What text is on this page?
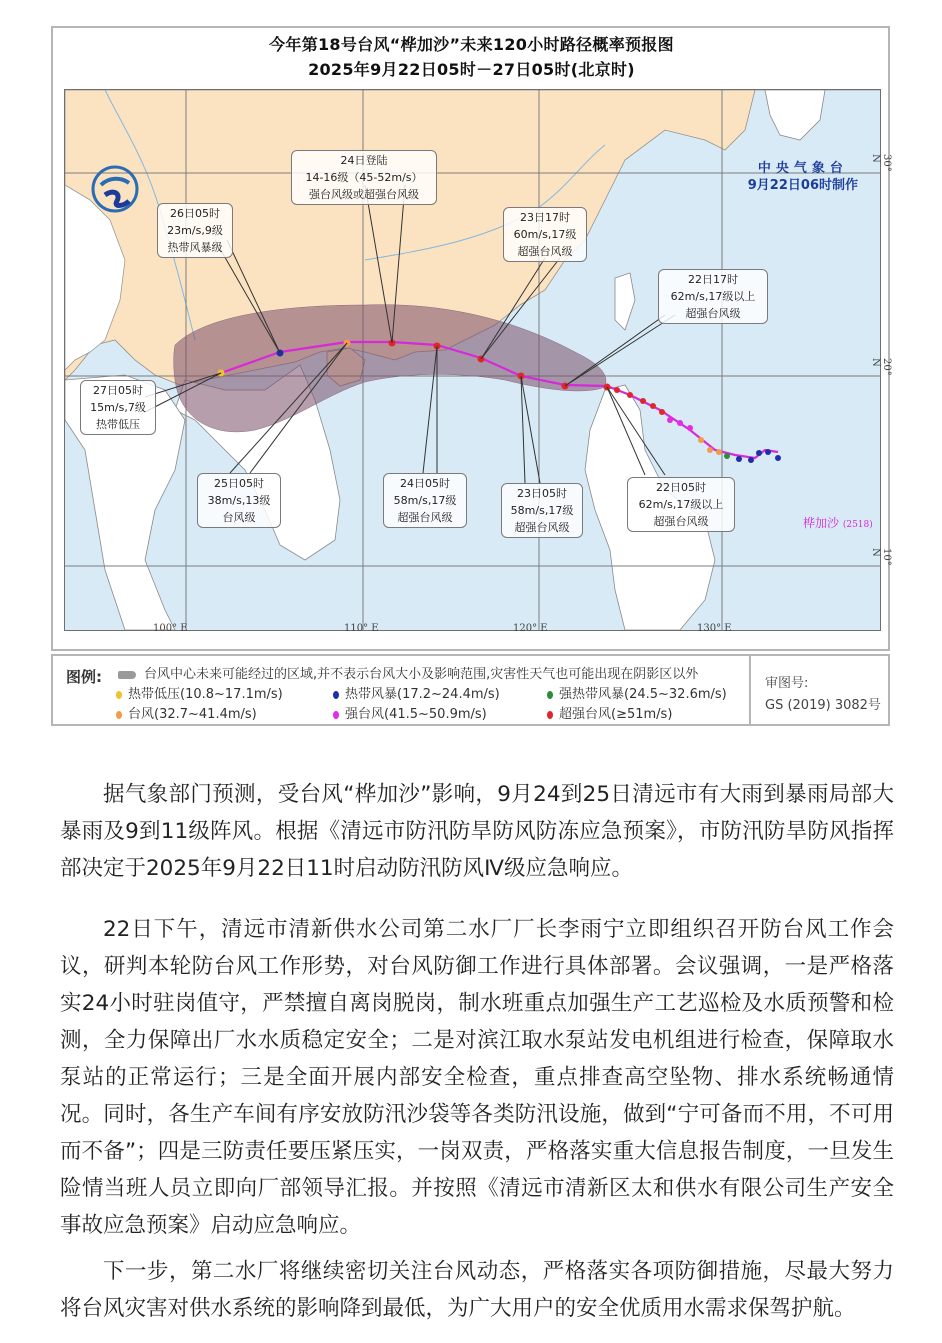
今年第18号台风“桦加沙”未来120小时路径概率预报图
2025年9月22日05时－27日05时(北京时)
中央气象台
9月22日06时制作
桦加沙 (2518)
24日登陆
14-16级（45-52m/s）
强台风级或超强台风级
26日05时
23m/s,9级
热带风暴级
23日17时
60m/s,17级
超强台风级
22日17时
62m/s,17级以上
超强台风级
27日05时
15m/s,7级
热带低压
25日05时
38m/s,13级
台风级
24日05时
58m/s,17级
超强台风级
23日05时
58m/s,17级
超强台风级
22日05时
62m/s,17级以上
超强台风级
100° E	110° E	120° E	130° E
30° N
20° N
10° N
图例:	台风中心未来可能经过的区域,并不表示台风大小及影响范围,灾害性天气也可能出现在阴影区以外
热带低压(10.8~17.1m/s)	热带风暴(17.2~24.4m/s)	强热带风暴(24.5~32.6m/s)
台风(32.7~41.4m/s)	强台风(41.5~50.9m/s)	超强台风(≥51m/s)
审图号:
GS (2019) 3082号

据气象部门预测，受台风“桦加沙”影响，9月24到25日清远市有大雨到暴雨局部大暴雨及9到11级阵风。根据《清远市防汛防旱防风防冻应急预案》，市防汛防旱防风指挥部决定于2025年9月22日11时启动防汛防风Ⅳ级应急响应。

22日下午，清远市清新供水公司第二水厂厂长李雨宁立即组织召开防台风工作会议，研判本轮防台风工作形势，对台风防御工作进行具体部署。会议强调，一是严格落实24小时驻岗值守，严禁擅自离岗脱岗，制水班重点加强生产工艺巡检及水质预警和检测，全力保障出厂水水质稳定安全；二是对滨江取水泵站发电机组进行检查，保障取水泵站的正常运行；三是全面开展内部安全检查，重点排查高空坠物、排水系统畅通情况。同时，各生产车间有序安放防汛沙袋等各类防汛设施，做到“宁可备而不用，不可用而不备”；四是三防责任要压紧压实，一岗双责，严格落实重大信息报告制度，一旦发生险情当班人员立即向厂部领导汇报。并按照《清远市清新区太和供水有限公司生产安全事故应急预案》启动应急响应。

下一步，第二水厂将继续密切关注台风动态，严格落实各项防御措施，尽最大努力将台风灾害对供水系统的影响降到最低，为广大用户的安全优质用水需求保驾护航。
